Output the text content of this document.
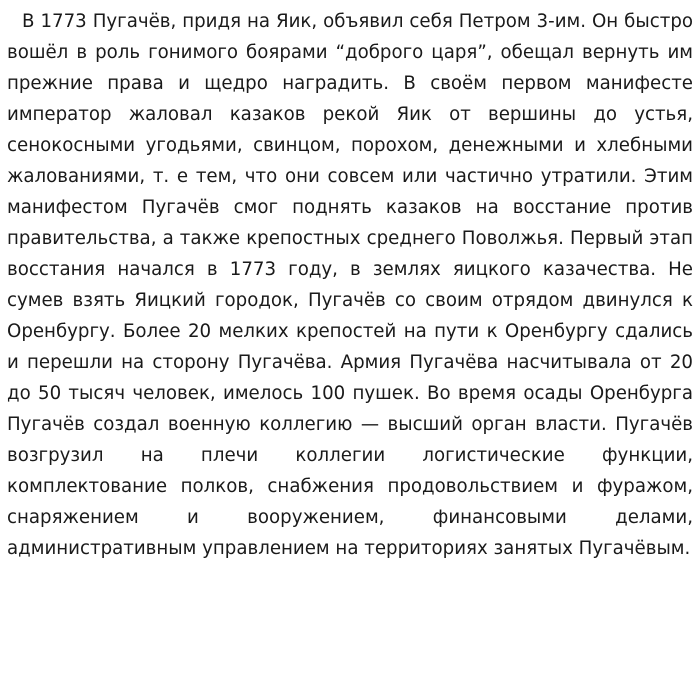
В 1773 Пугачёв, придя на Яик, объявил себя Петром 3-им. Он быстро вошёл в роль гонимого боярами “доброго царя”, обещал вернуть им прежние права и щедро наградить. В своём первом манифесте император жаловал казаков рекой Яик от вершины до устья, сенокосными угодьями, свинцом, порохом, денежными и хлебными жалованиями, т. е тем, что они совсем или частично утратили. Этим манифестом Пугачёв смог поднять казаков на восстание против правительства, а также крепостных среднего Поволжья. Первый этап восстания начался в 1773 году, в землях яицкого казачества. Не сумев взять Яицкий городок, Пугачёв со своим отрядом двинулся к Оренбургу. Более 20 мелких крепостей на пути к Оренбургу сдались и перешли на сторону Пугачёва. Армия Пугачёва насчитывала от 20 до 50 тысяч человек, имелось 100 пушек. Во время осады Оренбурга Пугачёв создал военную коллегию — высший орган власти. Пугачёв возгрузил на плечи коллегии логистические функции, комплектование полков, снабжения продовольствием и фуражом, снаряжением и вооружением, финансовыми делами, административным управлением на территориях занятых Пугачёвым.
